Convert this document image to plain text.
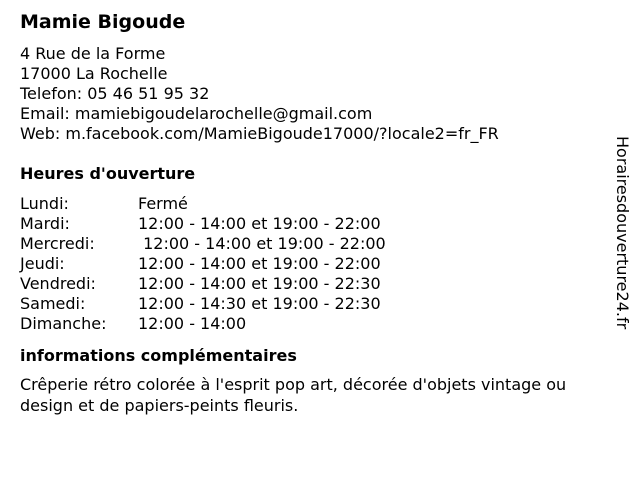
Mamie Bigoude
4 Rue de la Forme
17000 La Rochelle
Telefon: 05 46 51 95 32
Email: mamiebigoudelarochelle@gmail.com
Web: m.facebook.com/MamieBigoude17000/?locale2=fr_FR
Heures d'ouverture
Lundi:	Fermé
Mardi:	12:00 - 14:00 et 19:00 - 22:00
Mercredi:	12:00 - 14:00 et 19:00 - 22:00
Jeudi:	12:00 - 14:00 et 19:00 - 22:00
Vendredi:	12:00 - 14:00 et 19:00 - 22:30
Samedi:	12:00 - 14:30 et 19:00 - 22:30
Dimanche:	12:00 - 14:00
informations complémentaires
Crêperie rétro colorée à l'esprit pop art, décorée d'objets vintage ou design et de papiers-peints fleuris.
Horairesdouverture24.fr
